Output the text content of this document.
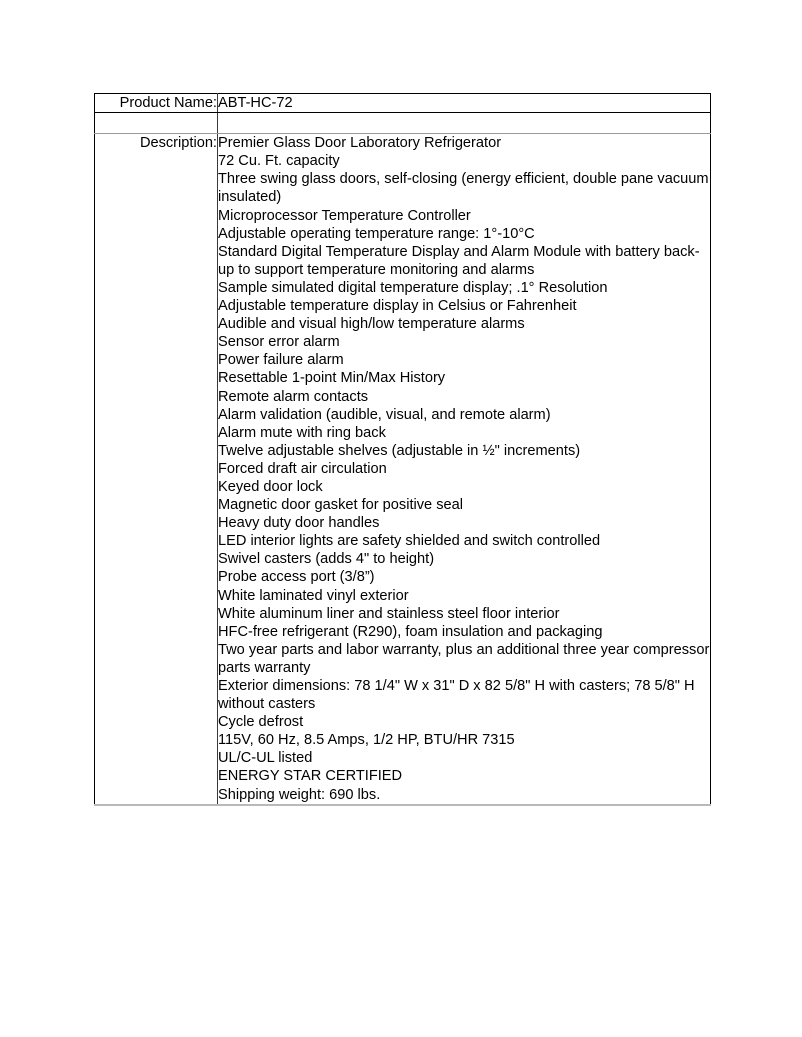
Product Name:	ABT-HC-72

Description:	Premier Glass Door Laboratory Refrigerator
72 Cu. Ft. capacity
Three swing glass doors, self-closing (energy efficient, double pane vacuum insulated)
Microprocessor Temperature Controller
Adjustable operating temperature range: 1°-10°C
Standard Digital Temperature Display and Alarm Module with battery back-up to support temperature monitoring and alarms
Sample simulated digital temperature display; .1° Resolution
Adjustable temperature display in Celsius or Fahrenheit
Audible and visual high/low temperature alarms
Sensor error alarm
Power failure alarm
Resettable 1-point Min/Max History
Remote alarm contacts
Alarm validation (audible, visual, and remote alarm)
Alarm mute with ring back
Twelve adjustable shelves (adjustable in ½" increments)
Forced draft air circulation
Keyed door lock
Magnetic door gasket for positive seal
Heavy duty door handles
LED interior lights are safety shielded and switch controlled
Swivel casters (adds 4" to height)
Probe access port (3/8”)
White laminated vinyl exterior
White aluminum liner and stainless steel floor interior
HFC-free refrigerant (R290), foam insulation and packaging
Two year parts and labor warranty, plus an additional three year compressor parts warranty
Exterior dimensions: 78 1/4" W x 31" D x 82 5/8" H with casters; 78 5/8" H without casters
Cycle defrost
115V, 60 Hz, 8.5 Amps, 1/2 HP, BTU/HR 7315
UL/C-UL listed
ENERGY STAR CERTIFIED
Shipping weight: 690 lbs.
